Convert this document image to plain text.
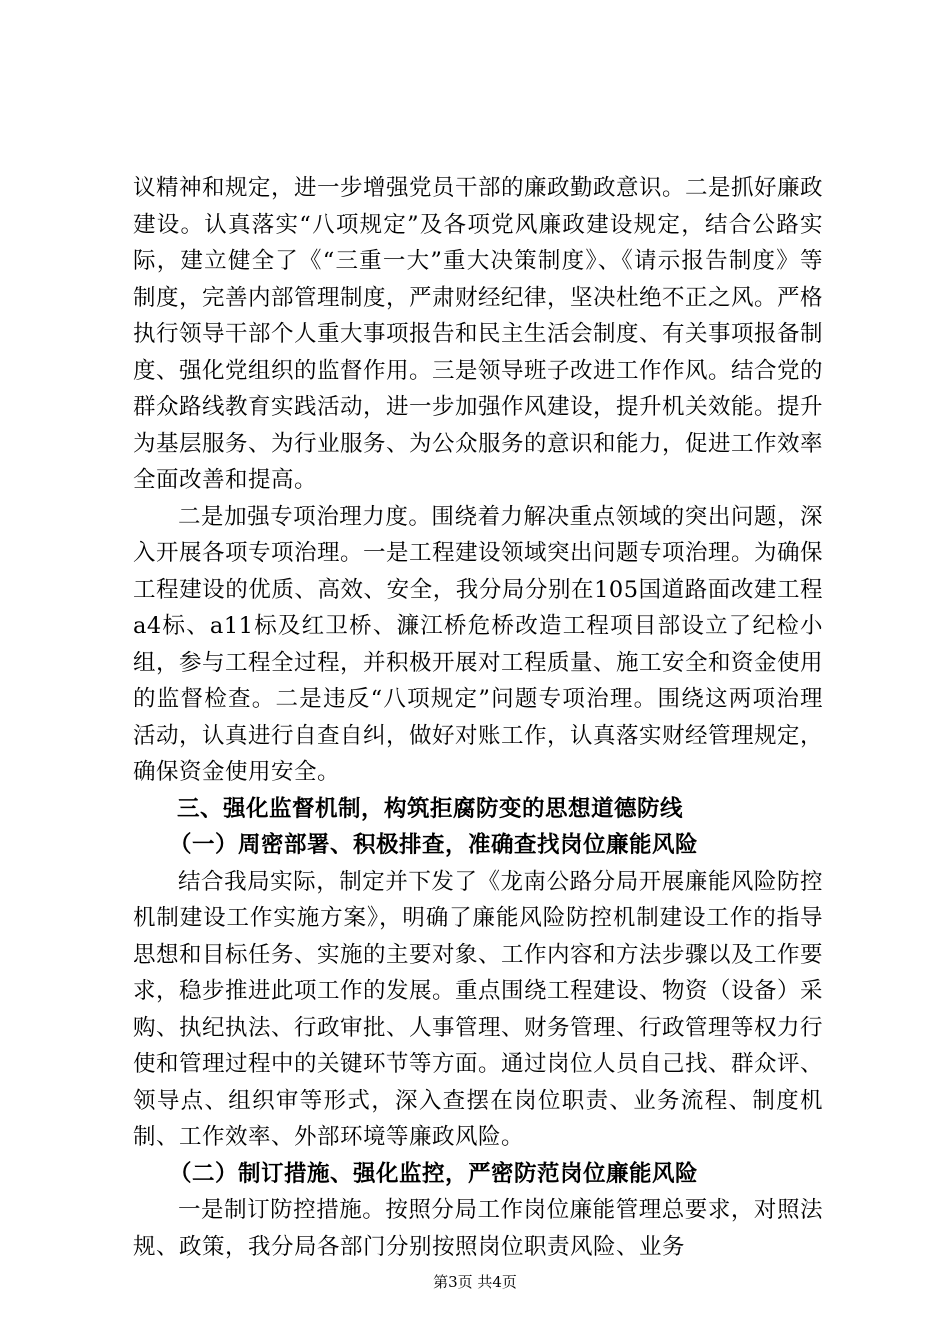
议精神和规定，进一步增强党员干部的廉政勤政意识。二是抓好廉政建设。认真落实“八项规定”及各项党风廉政建设规定，结合公路实际，建立健全了《“三重一大”重大决策制度》、《请示报告制度》等制度，完善内部管理制度，严肃财经纪律，坚决杜绝不正之风。严格执行领导干部个人重大事项报告和民主生活会制度、有关事项报备制度、强化党组织的监督作用。三是领导班子改进工作作风。结合党的群众路线教育实践活动，进一步加强作风建设，提升机关效能。提升为基层服务、为行业服务、为公众服务的意识和能力，促进工作效率全面改善和提高。

二是加强专项治理力度。围绕着力解决重点领域的突出问题，深入开展各项专项治理。一是工程建设领域突出问题专项治理。为确保工程建设的优质、高效、安全，我分局分别在105国道路面改建工程a4标、a11标及红卫桥、濂江桥危桥改造工程项目部设立了纪检小组，参与工程全过程，并积极开展对工程质量、施工安全和资金使用的监督检查。二是违反“八项规定”问题专项治理。围绕这两项治理活动，认真进行自查自纠，做好对账工作，认真落实财经管理规定，确保资金使用安全。

三、强化监督机制，构筑拒腐防变的思想道德防线

（一）周密部署、积极排查，准确查找岗位廉能风险

结合我局实际，制定并下发了《龙南公路分局开展廉能风险防控机制建设工作实施方案》，明确了廉能风险防控机制建设工作的指导思想和目标任务、实施的主要对象、工作内容和方法步骤以及工作要求，稳步推进此项工作的发展。重点围绕工程建设、物资（设备）采购、执纪执法、行政审批、人事管理、财务管理、行政管理等权力行使和管理过程中的关键环节等方面。通过岗位人员自己找、群众评、领导点、组织审等形式，深入查摆在岗位职责、业务流程、制度机制、工作效率、外部环境等廉政风险。

（二）制订措施、强化监控，严密防范岗位廉能风险

一是制订防控措施。按照分局工作岗位廉能管理总要求，对照法规、政策，我分局各部门分别按照岗位职责风险、业务

第3页 共4页
